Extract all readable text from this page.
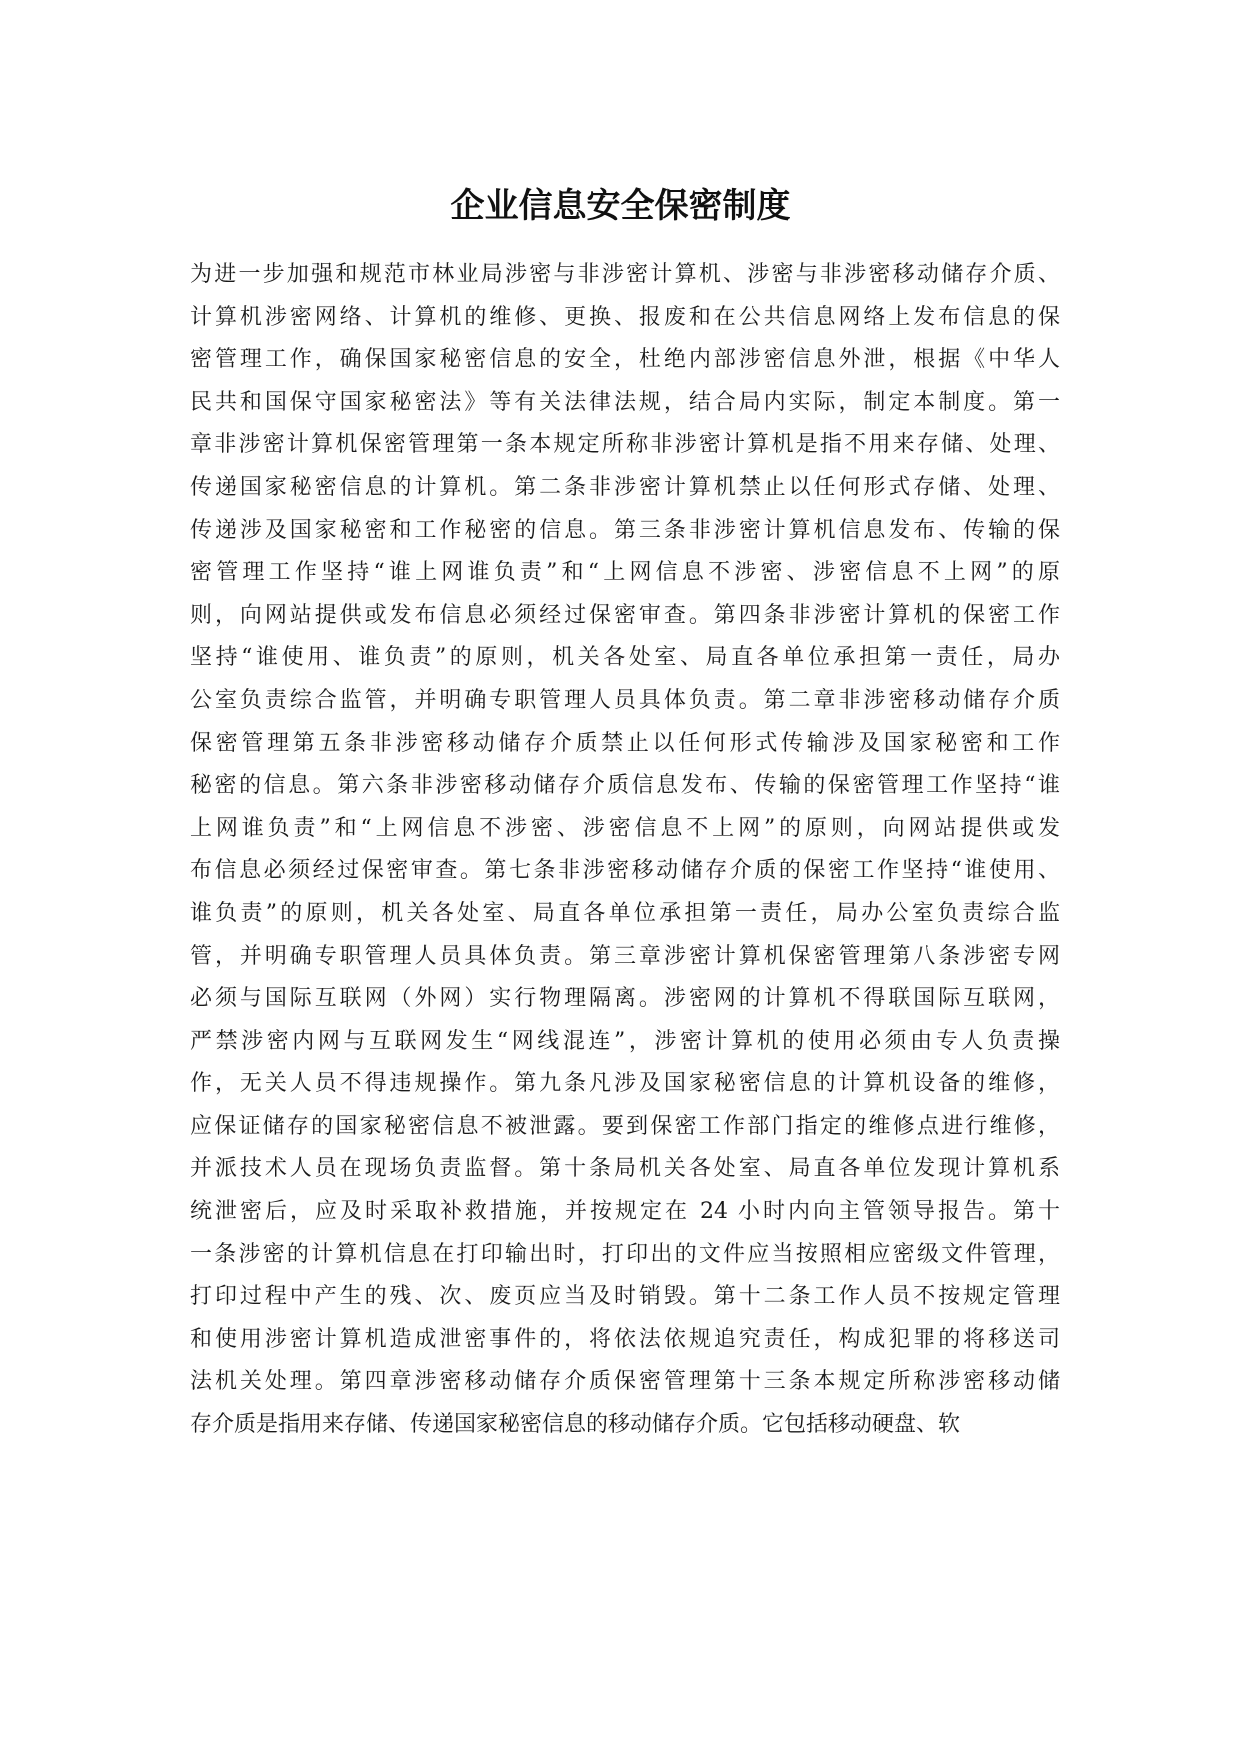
企业信息安全保密制度
为进一步加强和规范市林业局涉密与非涉密计算机、涉密与非涉密移动储存介质、
计算机涉密网络、计算机的维修、更换、报废和在公共信息网络上发布信息的保
密管理工作，确保国家秘密信息的安全，杜绝内部涉密信息外泄，根据《中华人
民共和国保守国家秘密法》等有关法律法规，结合局内实际，制定本制度。第一
章非涉密计算机保密管理第一条本规定所称非涉密计算机是指不用来存储、处理、
传递国家秘密信息的计算机。第二条非涉密计算机禁止以任何形式存储、处理、
传递涉及国家秘密和工作秘密的信息。第三条非涉密计算机信息发布、传输的保
密管理工作坚持“谁上网谁负责”和“上网信息不涉密、涉密信息不上网”的原
则，向网站提供或发布信息必须经过保密审查。第四条非涉密计算机的保密工作
坚持“谁使用、谁负责”的原则，机关各处室、局直各单位承担第一责任，局办
公室负责综合监管，并明确专职管理人员具体负责。第二章非涉密移动储存介质
保密管理第五条非涉密移动储存介质禁止以任何形式传输涉及国家秘密和工作
秘密的信息。第六条非涉密移动储存介质信息发布、传输的保密管理工作坚持“谁
上网谁负责”和“上网信息不涉密、涉密信息不上网”的原则，向网站提供或发
布信息必须经过保密审查。第七条非涉密移动储存介质的保密工作坚持“谁使用、
谁负责”的原则，机关各处室、局直各单位承担第一责任，局办公室负责综合监
管，并明确专职管理人员具体负责。第三章涉密计算机保密管理第八条涉密专网
必须与国际互联网（外网）实行物理隔离。涉密网的计算机不得联国际互联网，
严禁涉密内网与互联网发生“网线混连”，涉密计算机的使用必须由专人负责操
作，无关人员不得违规操作。第九条凡涉及国家秘密信息的计算机设备的维修，
应保证储存的国家秘密信息不被泄露。要到保密工作部门指定的维修点进行维修，
并派技术人员在现场负责监督。第十条局机关各处室、局直各单位发现计算机系
统泄密后，应及时采取补救措施，并按规定在 24 小时内向主管领导报告。第十
一条涉密的计算机信息在打印输出时，打印出的文件应当按照相应密级文件管理，
打印过程中产生的残、次、废页应当及时销毁。第十二条工作人员不按规定管理
和使用涉密计算机造成泄密事件的，将依法依规追究责任，构成犯罪的将移送司
法机关处理。第四章涉密移动储存介质保密管理第十三条本规定所称涉密移动储
存介质是指用来存储、传递国家秘密信息的移动储存介质。它包括移动硬盘、软
